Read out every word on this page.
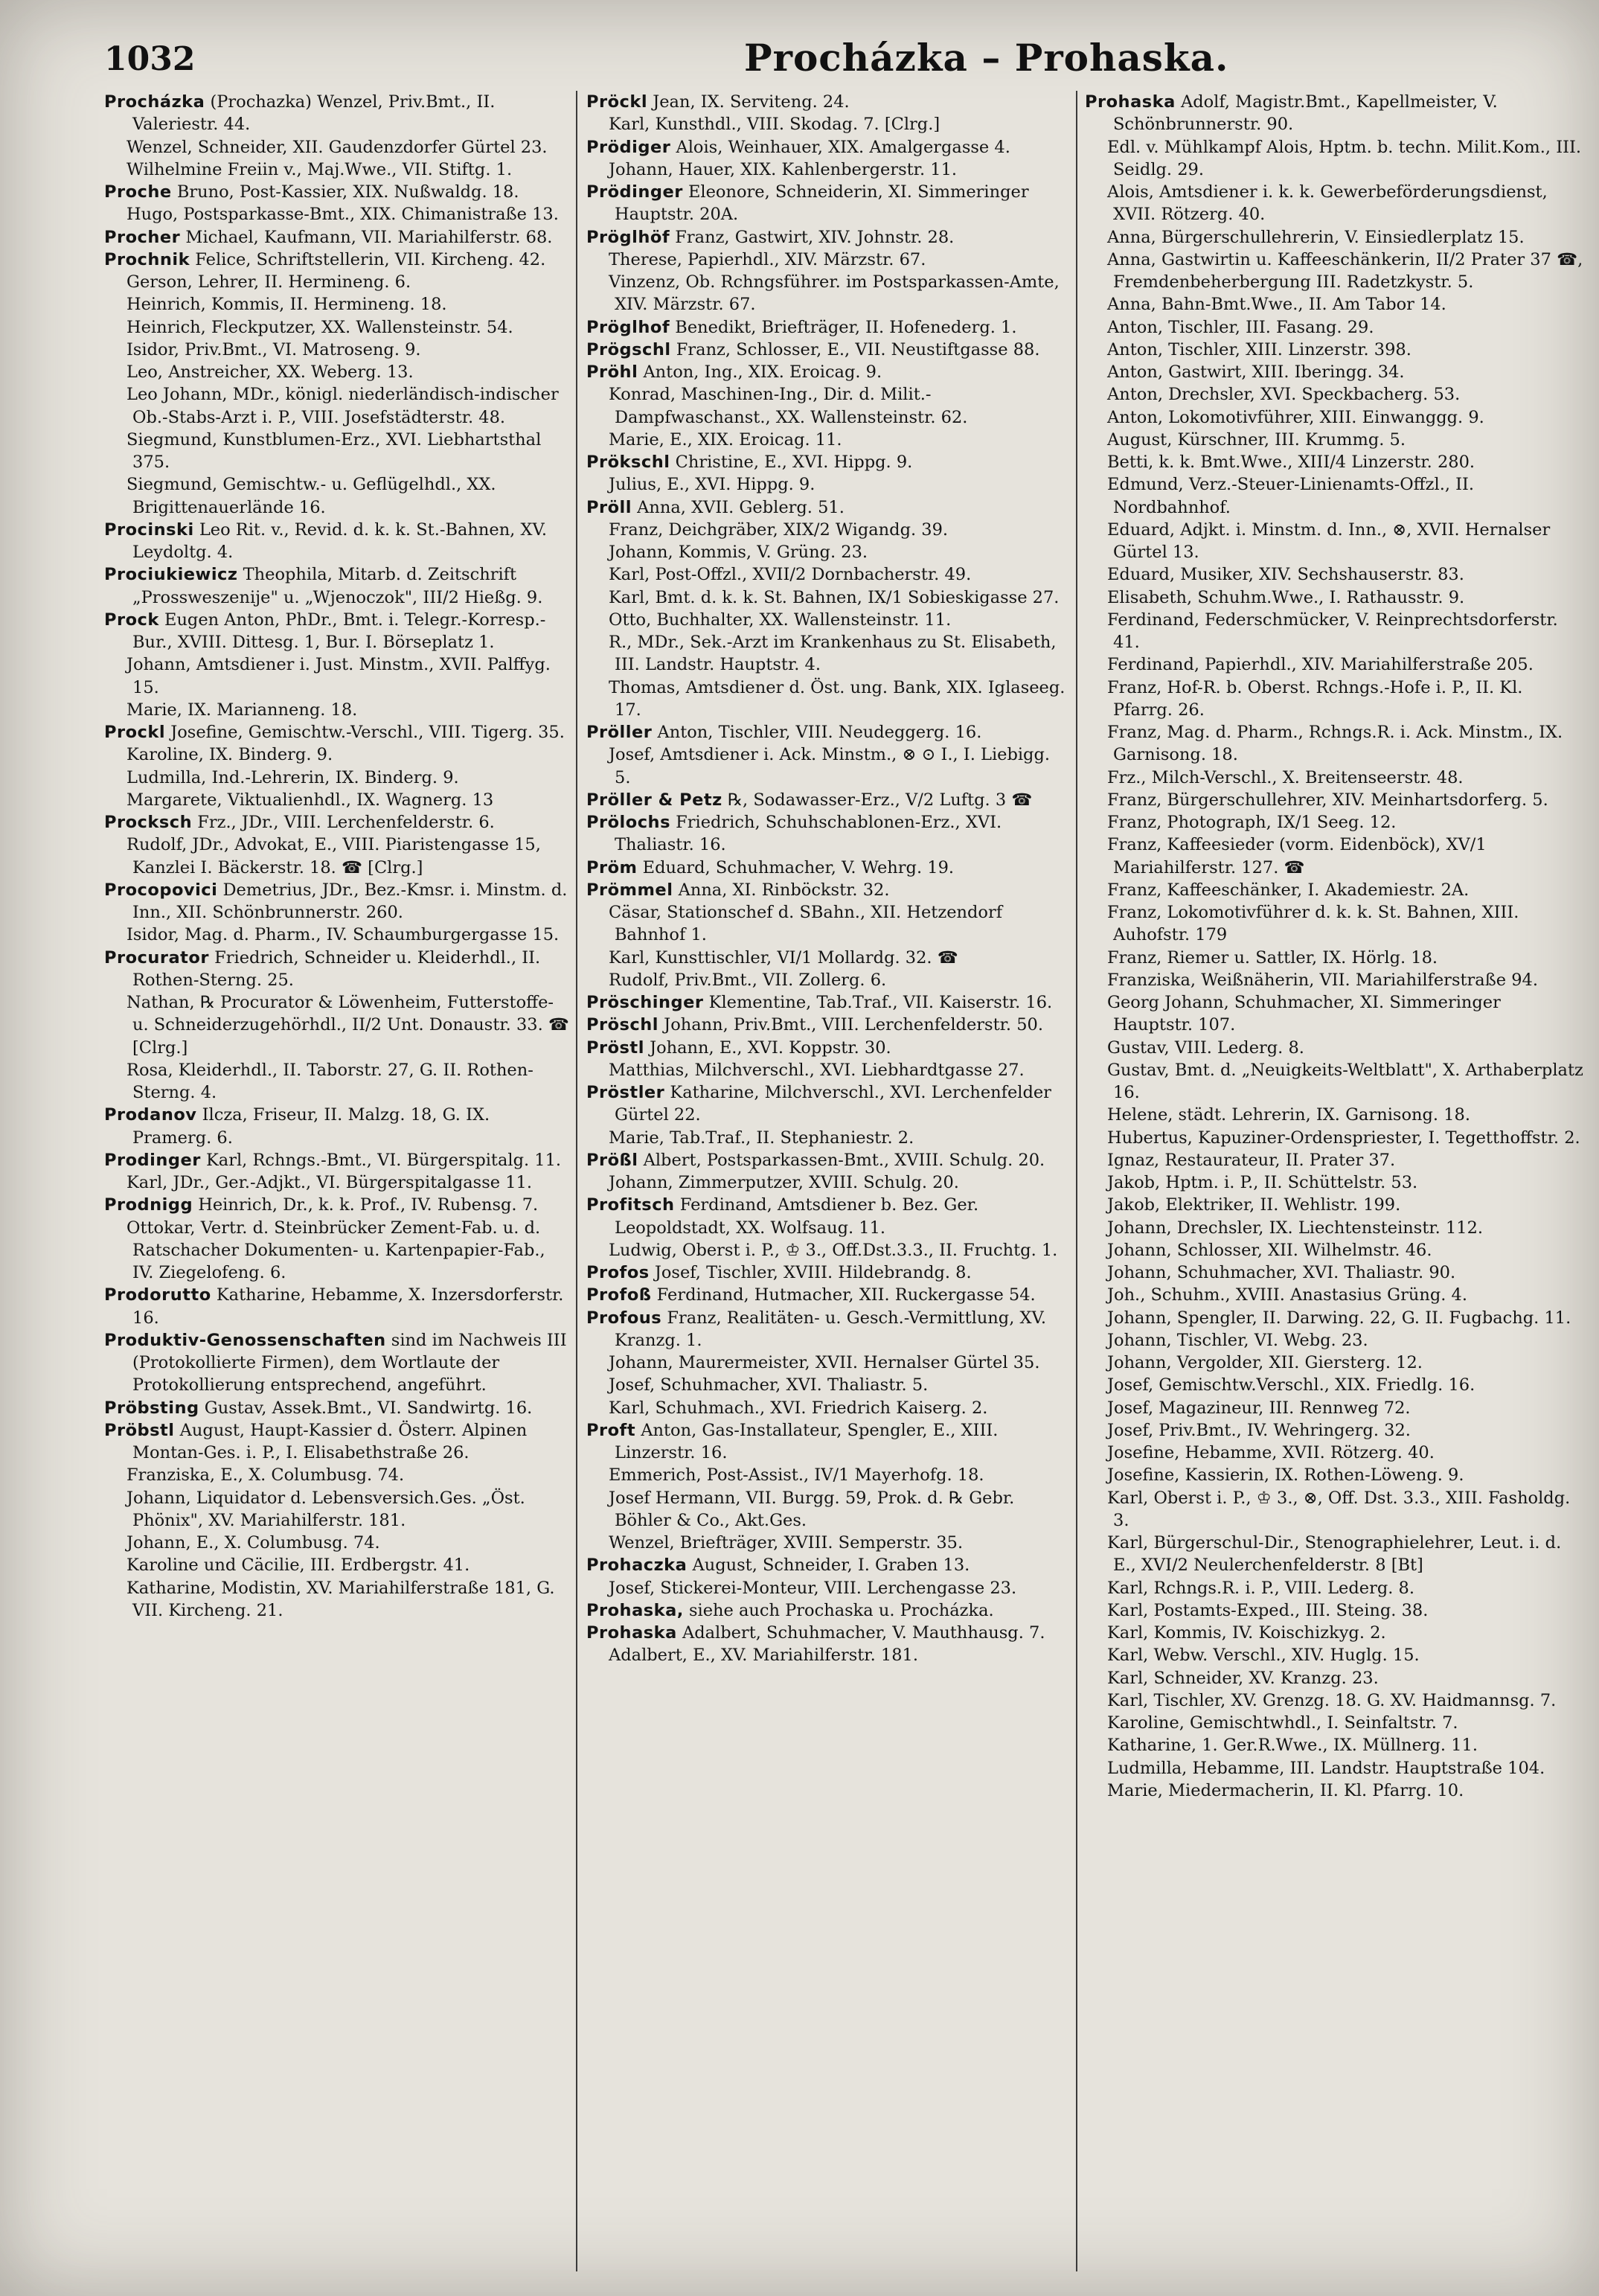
1032	Procházka – Prohaska.

Procházka (Prochazka) Wenzel, Priv.Bmt., II. Valeriestr. 44.

Wenzel, Schneider, XII. Gaudenzdorfer Gürtel 23.

Wilhelmine Freiin v., Maj.Wwe., VII. Stiftg. 1.

Proche Bruno, Post-Kassier, XIX. Nußwaldg. 18.

Hugo, Postsparkasse-Bmt., XIX. Chimanistraße 13.

Procher Michael, Kaufmann, VII. Mariahilferstr. 68.

Prochnik Felice, Schriftstellerin, VII. Kircheng. 42.

Gerson, Lehrer, II. Hermineng. 6.

Heinrich, Kommis, II. Hermineng. 18.

Heinrich, Fleckputzer, XX. Wallensteinstr. 54.

Isidor, Priv.Bmt., VI. Matroseng. 9.

Leo, Anstreicher, XX. Weberg. 13.

Leo Johann, MDr., königl. niederländisch-indischer Ob.-Stabs-Arzt i. P., VIII. Josefstädterstr. 48.

Siegmund, Kunstblumen-Erz., XVI. Liebhartsthal 375.

Siegmund, Gemischtw.- u. Geflügelhdl., XX. Brigittenauerlände 16.

Procinski Leo Rit. v., Revid. d. k. k. St.-Bahnen, XV. Leydoltg. 4.

Prociukiewicz Theophila, Mitarb. d. Zeitschrift „Prossweszenije" u. „Wjenoczok", III/2 Hießg. 9.

Prock Eugen Anton, PhDr., Bmt. i. Telegr.-Korresp.-Bur., XVIII. Dittesg. 1, Bur. I. Börseplatz 1.

Johann, Amtsdiener i. Just. Minstm., XVII. Palffyg. 15.

Marie, IX. Marianneng. 18.

Prockl Josefine, Gemischtw.-Verschl., VIII. Tigerg. 35.

Karoline, IX. Binderg. 9.

Ludmilla, Ind.-Lehrerin, IX. Binderg. 9.

Margarete, Viktualienhdl., IX. Wagnerg. 13

Procksch Frz., JDr., VIII. Lerchenfelderstr. 6.

Rudolf, JDr., Advokat, E., VIII. Piaristengasse 15, Kanzlei I. Bäckerstr. 18. ☎ [Clrg.]

Procopovici Demetrius, JDr., Bez.-Kmsr. i. Minstm. d. Inn., XII. Schönbrunnerstr. 260.

Isidor, Mag. d. Pharm., IV. Schaumburgergasse 15.

Procurator Friedrich, Schneider u. Kleiderhdl., II. Rothen-Sterng. 25.

Nathan, ℞ Procurator & Löwenheim, Futterstoffe- u. Schneiderzugehörhdl., II/2 Unt. Donaustr. 33. ☎ [Clrg.]

Rosa, Kleiderhdl., II. Taborstr. 27, G. II. Rothen-Sterng. 4.

Prodanov Ilcza, Friseur, II. Malzg. 18, G. IX. Pramerg. 6.

Prodinger Karl, Rchngs.-Bmt., VI. Bürgerspitalg. 11.

Karl, JDr., Ger.-Adjkt., VI. Bürgerspitalgasse 11.

Prodnigg Heinrich, Dr., k. k. Prof., IV. Rubensg. 7.

Ottokar, Vertr. d. Steinbrücker Zement-Fab. u. d. Ratschacher Dokumenten- u. Kartenpapier-Fab., IV. Ziegelofeng. 6.

Prodorutto Katharine, Hebamme, X. Inzersdorferstr. 16.

Produktiv-Genossenschaften sind im Nachweis III (Protokollierte Firmen), dem Wortlaute der Protokollierung entsprechend, angeführt.

Pröbsting Gustav, Assek.Bmt., VI. Sandwirtg. 16.

Pröbstl August, Haupt-Kassier d. Österr. Alpinen Montan-Ges. i. P., I. Elisabethstraße 26.

Franziska, E., X. Columbusg. 74.

Johann, Liquidator d. Lebensversich.Ges. „Öst. Phönix", XV. Mariahilferstr. 181.

Johann, E., X. Columbusg. 74.

Karoline und Cäcilie, III. Erdbergstr. 41.

Katharine, Modistin, XV. Mariahilferstraße 181, G. VII. Kircheng. 21.

Pröckl Jean, IX. Servitеng. 24.

Karl, Kunsthdl., VIII. Skodag. 7. [Clrg.]

Prödiger Alois, Weinhauer, XIX. Amalgergasse 4.

Johann, Hauer, XIX. Kahlenbergerstr. 11.

Prödinger Eleonore, Schneiderin, XI. Simmeringer Hauptstr. 20A.

Pröglhöf Franz, Gastwirt, XIV. Johnstr. 28.

Therese, Papierhdl., XIV. Märzstr. 67.

Vinzenz, Ob. Rchngsführer. im Postsparkassen-Amte, XIV. Märzstr. 67.

Pröglhof Benedikt, Briefträger, II. Hofenederg. 1.

Prögschl Franz, Schlosser, E., VII. Neustiftgasse 88.

Pröhl Anton, Ing., XIX. Eroicag. 9.

Konrad, Maschinen-Ing., Dir. d. Milit.-Dampfwaschanst., XX. Wallensteinstr. 62.

Marie, E., XIX. Eroicag. 11.

Prökschl Christine, E., XVI. Hippg. 9.

Julius, E., XVI. Hippg. 9.

Pröll Anna, XVII. Geblerg. 51.

Franz, Deichgräber, XIX/2 Wigandg. 39.

Johann, Kommis, V. Grüng. 23.

Karl, Post-Offzl., XVII/2 Dornbacherstr. 49.

Karl, Bmt. d. k. k. St. Bahnen, IX/1 Sobieskigasse 27.

Otto, Buchhalter, XX. Wallensteinstr. 11.

R., MDr., Sek.-Arzt im Krankenhaus zu St. Elisabeth, III. Landstr. Hauptstr. 4.

Thomas, Amtsdiener d. Öst. ung. Bank, XIX. Iglaseeg. 17.

Pröller Anton, Tischler, VIII. Neudeggerg. 16.

Josef, Amtsdiener i. Ack. Minstm., ⊗ ⊙ I., I. Liebigg. 5.

Pröller & Petz ℞, Sodawasser-Erz., V/2 Luftg. 3 ☎

Prölochs Friedrich, Schuhschablonen-Erz., XVI. Thaliastr. 16.

Pröm Eduard, Schuhmacher, V. Wehrg. 19.

Prömmel Anna, XI. Rinböckstr. 32.

Cäsar, Stationschef d. SBahn., XII. Hetzendorf Bahnhof 1.

Karl, Kunsttischler, VI/1 Mollardg. 32. ☎

Rudolf, Priv.Bmt., VII. Zollerg. 6.

Pröschinger Klementine, Tab.Traf., VII. Kaiserstr. 16.

Pröschl Johann, Priv.Bmt., VIII. Lerchenfelderstr. 50.

Pröstl Johann, E., XVI. Koppstr. 30.

Matthias, Milchverschl., XVI. Liebhardtgasse 27.

Pröstler Katharine, Milchverschl., XVI. Lerchenfelder Gürtel 22.

Marie, Tab.Traf., II. Stephaniestr. 2.

Prößl Albert, Postsparkassen-Bmt., XVIII. Schulg. 20.

Johann, Zimmerputzer, XVIII. Schulg. 20.

Profitsch Ferdinand, Amtsdiener b. Bez. Ger. Leopoldstadt, XX. Wolfsaug. 11.

Ludwig, Oberst i. P., ♔ 3., Off.Dst.3.3., II. Fruchtg. 1.

Profos Josef, Tischler, XVIII. Hildebrandg. 8.

Profoß Ferdinand, Hutmacher, XII. Ruckergasse 54.

Profous Franz, Realitäten- u. Gesch.-Vermittlung, XV. Kranzg. 1.

Johann, Maurermeister, XVII. Hernalser Gürtel 35.

Josef, Schuhmacher, XVI. Thaliastr. 5.

Karl, Schuhmach., XVI. Friedrich Kaiserg. 2.

Proft Anton, Gas-Installateur, Spengler, E., XIII. Linzerstr. 16.

Emmerich, Post-Assist., IV/1 Mayerhofg. 18.

Josef Hermann, VII. Burgg. 59, Prok. d. ℞ Gebr. Böhler & Co., Akt.Ges.

Wenzel, Briefträger, XVIII. Semperstr. 35.

Prohaczka August, Schneider, I. Graben 13.

Josef, Stickerei-Monteur, VIII. Lerchengasse 23.

Prohaska, siehe auch Prochaska u. Procházka.

Prohaska Adalbert, Schuhmacher, V. Mauthhausg. 7.

Adalbert, E., XV. Mariahilferstr. 181.

Prohaska Adolf, Magistr.Bmt., Kapellmeister, V. Schönbrunnerstr. 90.

Edl. v. Mühlkampf Alois, Hptm. b. techn. Milit.Kom., III. Seidlg. 29.

Alois, Amtsdiener i. k. k. Gewerbeförderungsdienst, XVII. Rötzerg. 40.

Anna, Bürgerschullehrerin, V. Einsiedlerplatz 15.

Anna, Gastwirtin u. Kaffeeschänkerin, II/2 Prater 37 ☎, Fremdenbeherbergung III. Radetzkystr. 5.

Anna, Bahn-Bmt.Wwe., II. Am Tabor 14.

Anton, Tischler, III. Fasang. 29.

Anton, Tischler, XIII. Linzerstr. 398.

Anton, Gastwirt, XIII. Iberingg. 34.

Anton, Drechsler, XVI. Speckbacherg. 53.

Anton, Lokomotivführer, XIII. Einwanggg. 9.

August, Kürschner, III. Krummg. 5.

Betti, k. k. Bmt.Wwe., XIII/4 Linzerstr. 280.

Edmund, Verz.-Steuer-Linienamts-Offzl., II. Nordbahnhof.

Eduard, Adjkt. i. Minstm. d. Inn., ⊗, XVII. Hernalser Gürtel 13.

Eduard, Musiker, XIV. Sechshauserstr. 83.

Elisabeth, Schuhm.Wwe., I. Rathausstr. 9.

Ferdinand, Federschmücker, V. Reinprechtsdorferstr. 41.

Ferdinand, Papierhdl., XIV. Mariahilferstraße 205.

Franz, Hof-R. b. Oberst. Rchngs.-Hofe i. P., II. Kl. Pfarrg. 26.

Franz, Mag. d. Pharm., Rchngs.R. i. Ack. Minstm., IX. Garnisong. 18.

Frz., Milch-Verschl., X. Breitenseerstr. 48.

Franz, Bürgerschullehrer, XIV. Meinhartsdorferg. 5.

Franz, Photograph, IX/1 Seeg. 12.

Franz, Kaffeesieder (vorm. Eidenböck), XV/1 Mariahilferstr. 127. ☎

Franz, Kaffeeschänker, I. Akademiestr. 2A.

Franz, Lokomotivführer d. k. k. St. Bahnen, XIII. Auhofstr. 179

Franz, Riemer u. Sattler, IX. Hörlg. 18.

Franziska, Weißnäherin, VII. Mariahilferstraße 94.

Georg Johann, Schuhmacher, XI. Simmeringer Hauptstr. 107.

Gustav, VIII. Lederg. 8.

Gustav, Bmt. d. „Neuigkeits-Weltblatt", X. Arthaberplatz 16.

Helene, städt. Lehrerin, IX. Garnisong. 18.

Hubertus, Kapuziner-Ordenspriester, I. Tegetthoffstr. 2.

Ignaz, Restaurateur, II. Prater 37.

Jakob, Hptm. i. P., II. Schüttelstr. 53.

Jakob, Elektriker, II. Wehlistr. 199.

Johann, Drechsler, IX. Liechtensteinstr. 112.

Johann, Schlosser, XII. Wilhelmstr. 46.

Johann, Schuhmacher, XVI. Thaliastr. 90.

Joh., Schuhm., XVIII. Anastasius Grüng. 4.

Johann, Spengler, II. Darwing. 22, G. II. Fugbachg. 11.

Johann, Tischler, VI. Webg. 23.

Johann, Vergolder, XII. Giersterg. 12.

Josef, Gemischtw.Verschl., XIX. Friedlg. 16.

Josef, Magazineur, III. Rennweg 72.

Josef, Priv.Bmt., IV. Wehringerg. 32.

Josefine, Hebamme, XVII. Rötzerg. 40.

Josefine, Kassierin, IX. Rothen-Löweng. 9.

Karl, Oberst i. P., ♔ 3., ⊗, Off. Dst. 3.3., XIII. Fasholdg. 3.

Karl, Bürgerschul-Dir., Stenographielehrer, Leut. i. d. E., XVI/2 Neulerchenfelderstr. 8 [Bt]

Karl, Rchngs.R. i. P., VIII. Lederg. 8.

Karl, Postamts-Exped., III. Steing. 38.

Karl, Kommis, IV. Koischizkyg. 2.

Karl, Webw. Verschl., XIV. Huglg. 15.

Karl, Schneider, XV. Kranzg. 23.

Karl, Tischler, XV. Grenzg. 18. G. XV. Haidmannsg. 7.

Karoline, Gemischtwhdl., I. Seinfaltstr. 7.

Katharine, 1. Ger.R.Wwe., IX. Müllnerg. 11.

Ludmilla, Hebamme, III. Landstr. Hauptstraße 104.

Marie, Miedermacherin, II. Kl. Pfarrg. 10.
